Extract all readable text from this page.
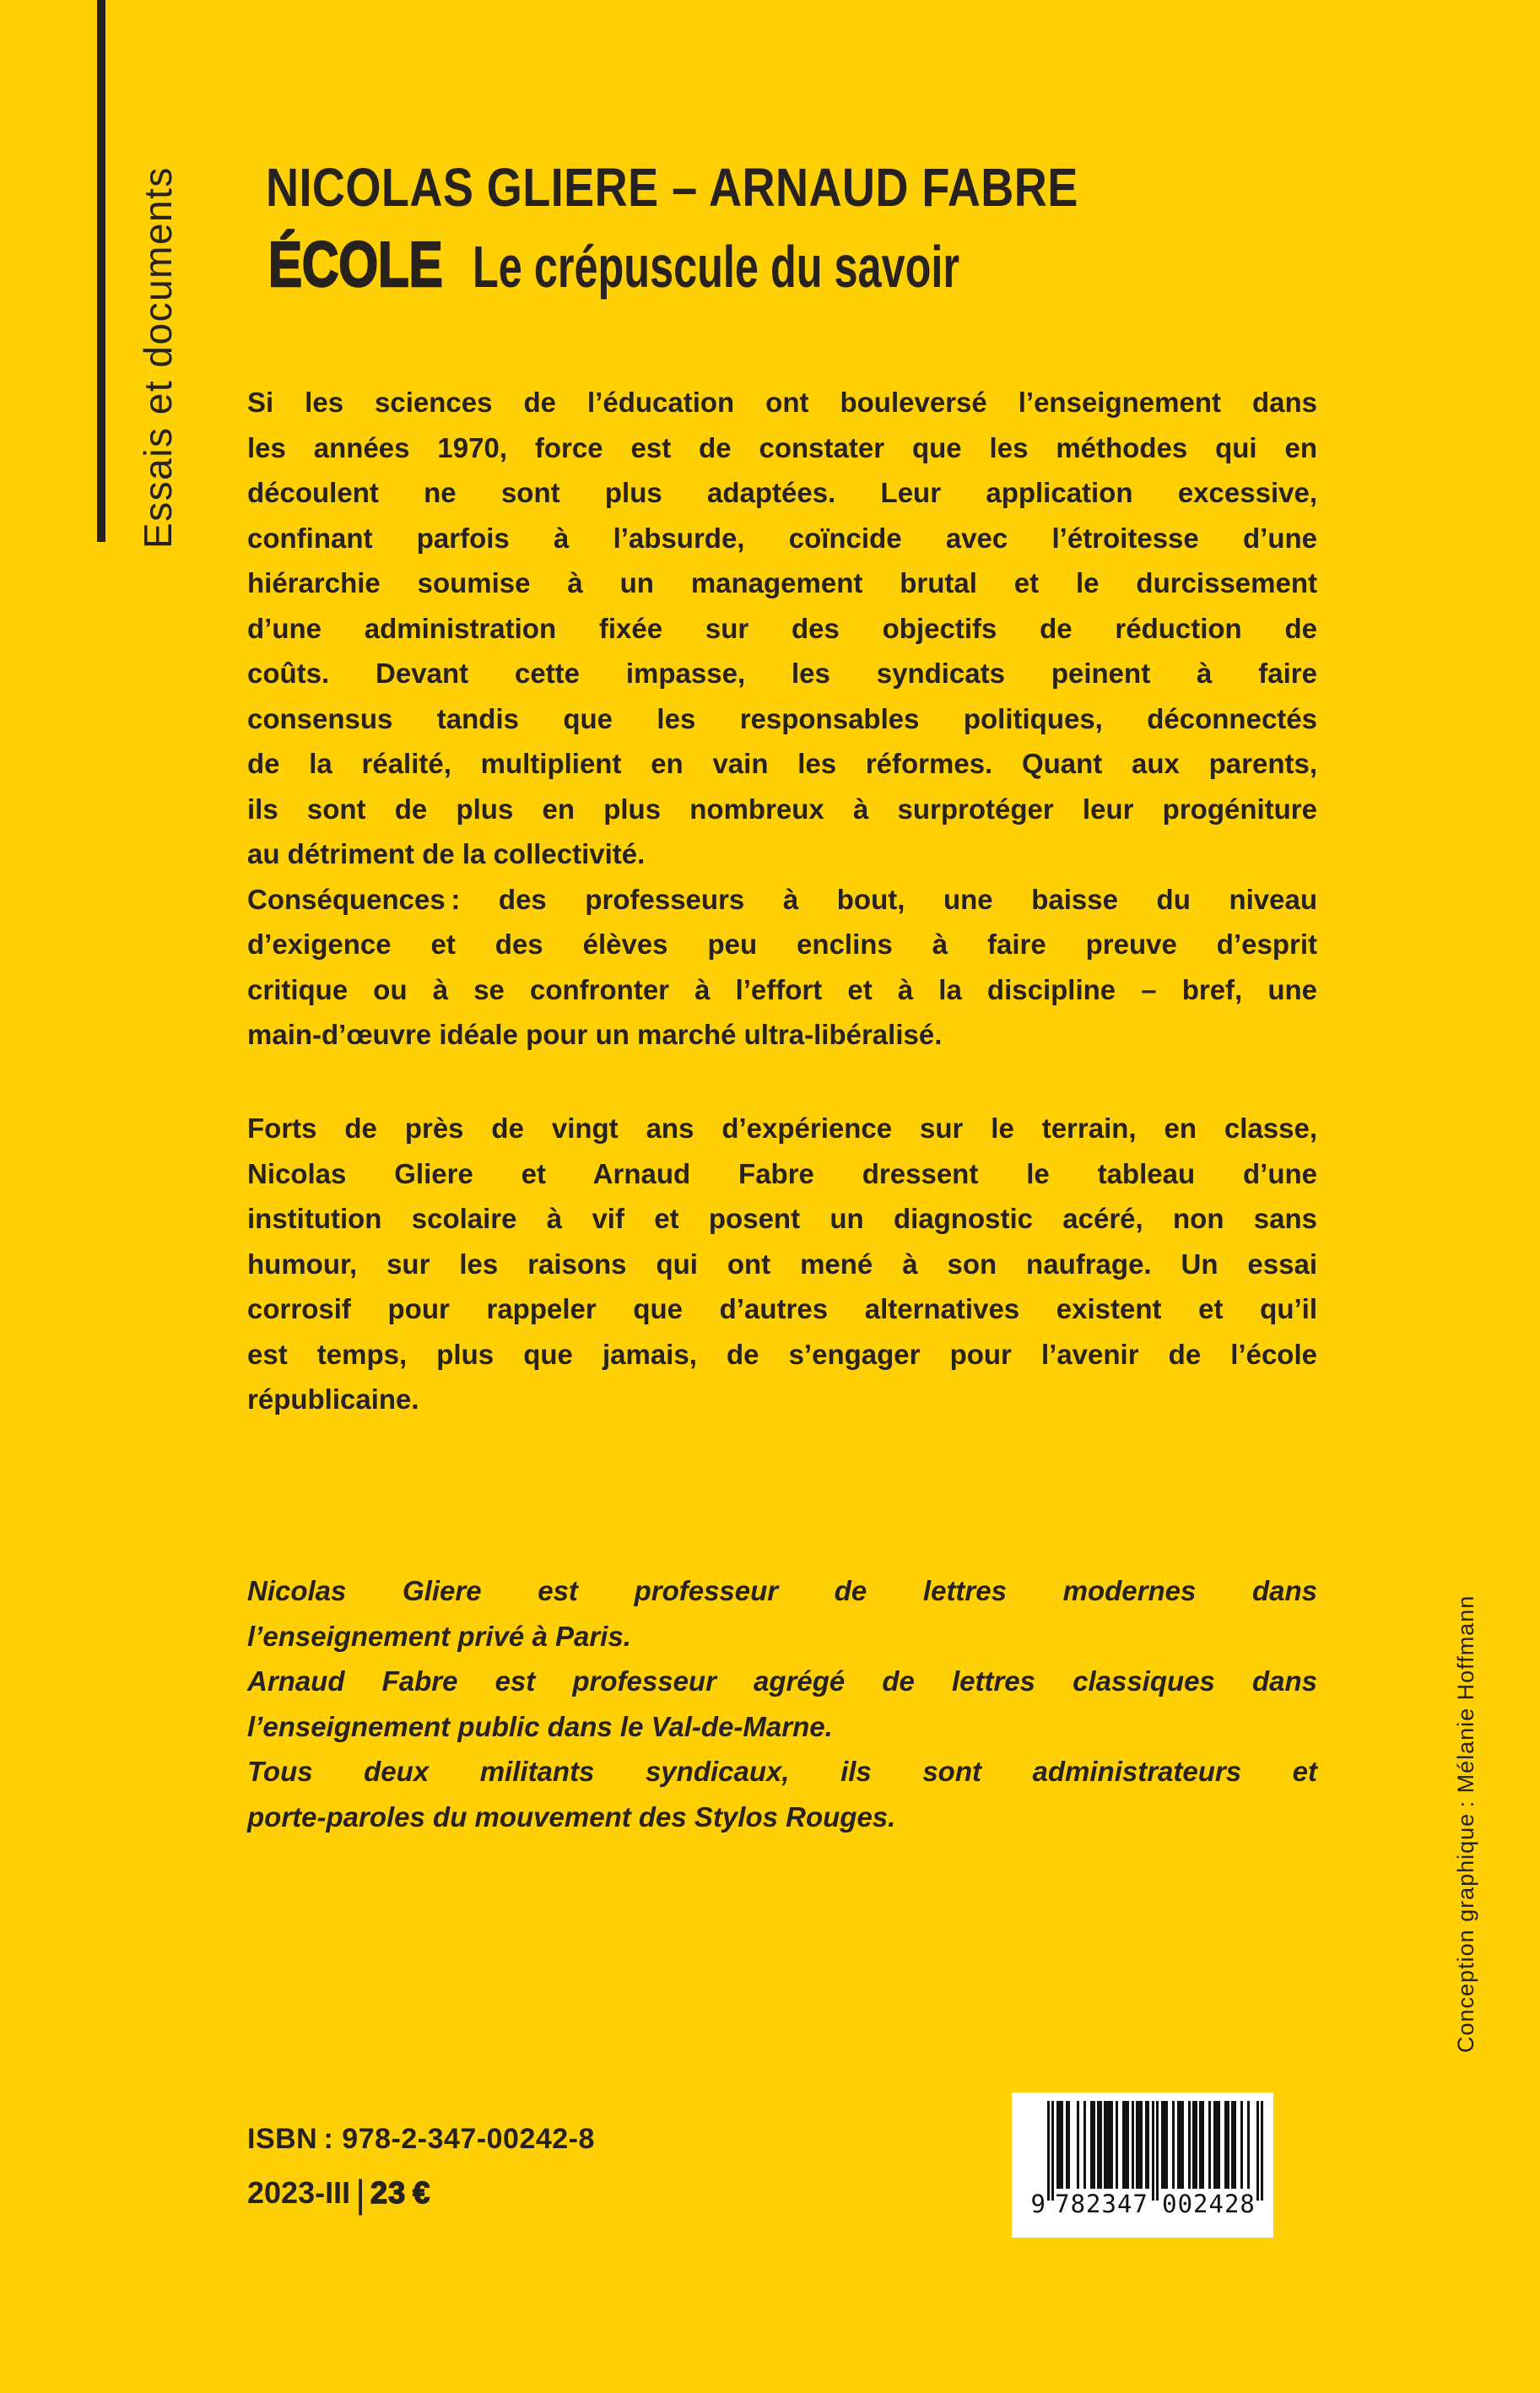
Essais et documents
Conception graphique : Mélanie Hoffmann
NICOLAS GLIERE – ARNAUD FABRE
ÉCOLE Le crépuscule du savoir
Si les sciences de l’éducation ont bouleversé l’enseignement dans
les années 1970, force est de constater que les méthodes qui en
découlent ne sont plus adaptées. Leur application excessive,
confinant parfois à l’absurde, coïncide avec l’étroitesse d’une
hiérarchie soumise à un management brutal et le durcissement
d’une administration fixée sur des objectifs de réduction de
coûts. Devant cette impasse, les syndicats peinent à faire
consensus tandis que les responsables politiques, déconnectés
de la réalité, multiplient en vain les réformes. Quant aux parents,
ils sont de plus en plus nombreux à surprotéger leur progéniture
au détriment de la collectivité.
Conséquences : des professeurs à bout, une baisse du niveau
d’exigence et des élèves peu enclins à faire preuve d’esprit
critique ou à se confronter à l’effort et à la discipline – bref, une
main-d’œuvre idéale pour un marché ultra-libéralisé.
Forts de près de vingt ans d’expérience sur le terrain, en classe,
Nicolas Gliere et Arnaud Fabre dressent le tableau d’une
institution scolaire à vif et posent un diagnostic acéré, non sans
humour, sur les raisons qui ont mené à son naufrage. Un essai
corrosif pour rappeler que d’autres alternatives existent et qu’il
est temps, plus que jamais, de s’engager pour l’avenir de l’école
républicaine.
Nicolas Gliere est professeur de lettres modernes dans
l’enseignement privé à Paris.
Arnaud Fabre est professeur agrégé de lettres classiques dans
l’enseignement public dans le Val-de-Marne.
Tous deux militants syndicaux, ils sont administrateurs et
porte-paroles du mouvement des Stylos Rouges.
ISBN : 978-2-347-00242-8
2023-III | 23 €	9 782347 002428
